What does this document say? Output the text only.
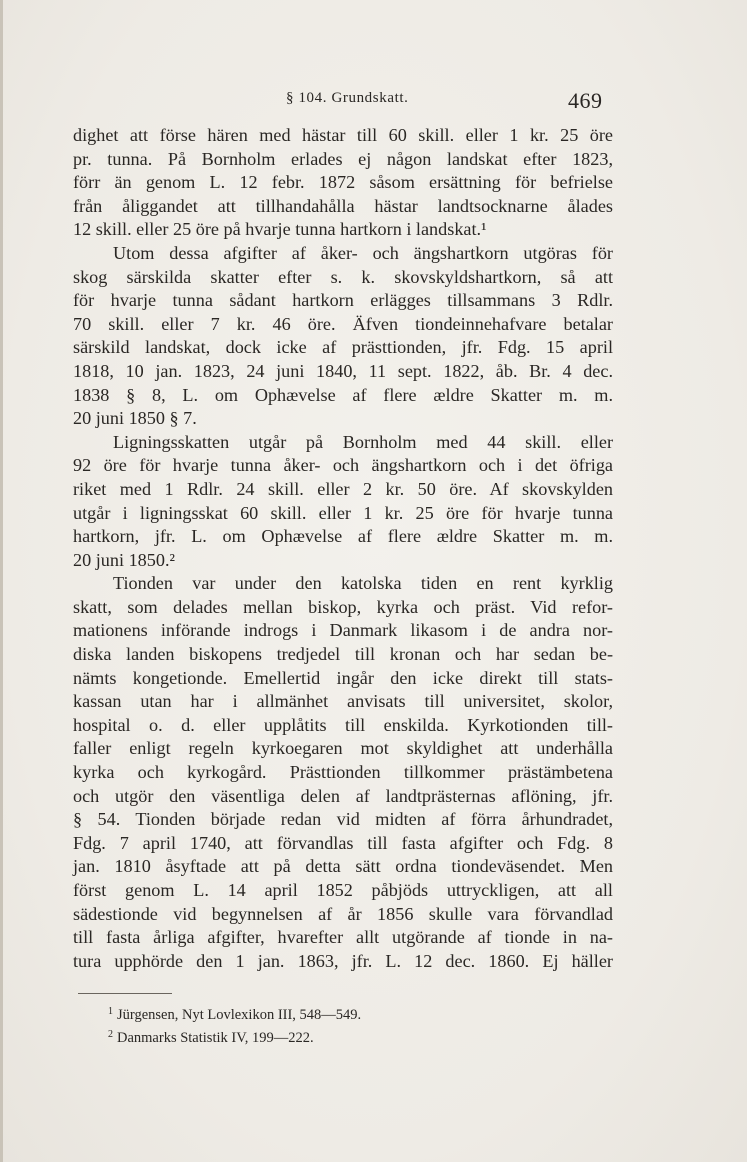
§ 104. Grundskatt.	469
dighet att förse hären med hästar till 60 skill. eller 1 kr. 25 öre
pr. tunna. På Bornholm erlades ej någon landskat efter 1823,
förr än genom L. 12 febr. 1872 såsom ersättning för befrielse
från åliggandet att tillhandahålla hästar landtsocknarne ålades
12 skill. eller 25 öre på hvarje tunna hartkorn i landskat.¹
Utom dessa afgifter af åker- och ängshartkorn utgöras för
skog särskilda skatter efter s. k. skovskyldshartkorn, så att
för hvarje tunna sådant hartkorn erlägges tillsammans 3 Rdlr.
70 skill. eller 7 kr. 46 öre. Äfven tiondeinnehafvare betalar
särskild landskat, dock icke af prästtionden, jfr. Fdg. 15 april
1818, 10 jan. 1823, 24 juni 1840, 11 sept. 1822, åb. Br. 4 dec.
1838 § 8, L. om Ophævelse af flere ældre Skatter m. m.
20 juni 1850 § 7.
Ligningsskatten utgår på Bornholm med 44 skill. eller
92 öre för hvarje tunna åker- och ängshartkorn och i det öfriga
riket med 1 Rdlr. 24 skill. eller 2 kr. 50 öre. Af skovskylden
utgår i ligningsskat 60 skill. eller 1 kr. 25 öre för hvarje tunna
hartkorn, jfr. L. om Ophævelse af flere ældre Skatter m. m.
20 juni 1850.²
Tionden var under den katolska tiden en rent kyrklig
skatt, som delades mellan biskop, kyrka och präst. Vid refor-
mationens införande indrogs i Danmark likasom i de andra nor-
diska landen biskopens tredjedel till kronan och har sedan be-
nämts kongetionde. Emellertid ingår den icke direkt till stats-
kassan utan har i allmänhet anvisats till universitet, skolor,
hospital o. d. eller upplåtits till enskilda. Kyrkotionden till-
faller enligt regeln kyrkoegaren mot skyldighet att underhålla
kyrka och kyrkogård. Prästtionden tillkommer prästämbetena
och utgör den väsentliga delen af landtprästernas aflöning, jfr.
§ 54. Tionden började redan vid midten af förra århundradet,
Fdg. 7 april 1740, att förvandlas till fasta afgifter och Fdg. 8
jan. 1810 åsyftade att på detta sätt ordna tiondeväsendet. Men
först genom L. 14 april 1852 påbjöds uttryckligen, att all
sädestionde vid begynnelsen af år 1856 skulle vara förvandlad
till fasta årliga afgifter, hvarefter allt utgörande af tionde in na-
tura upphörde den 1 jan. 1863, jfr. L. 12 dec. 1860. Ej häller
$^1$ Jürgensen, Nyt Lovlexikon III, 548—549.
$^2$ Danmarks Statistik IV, 199—222.
